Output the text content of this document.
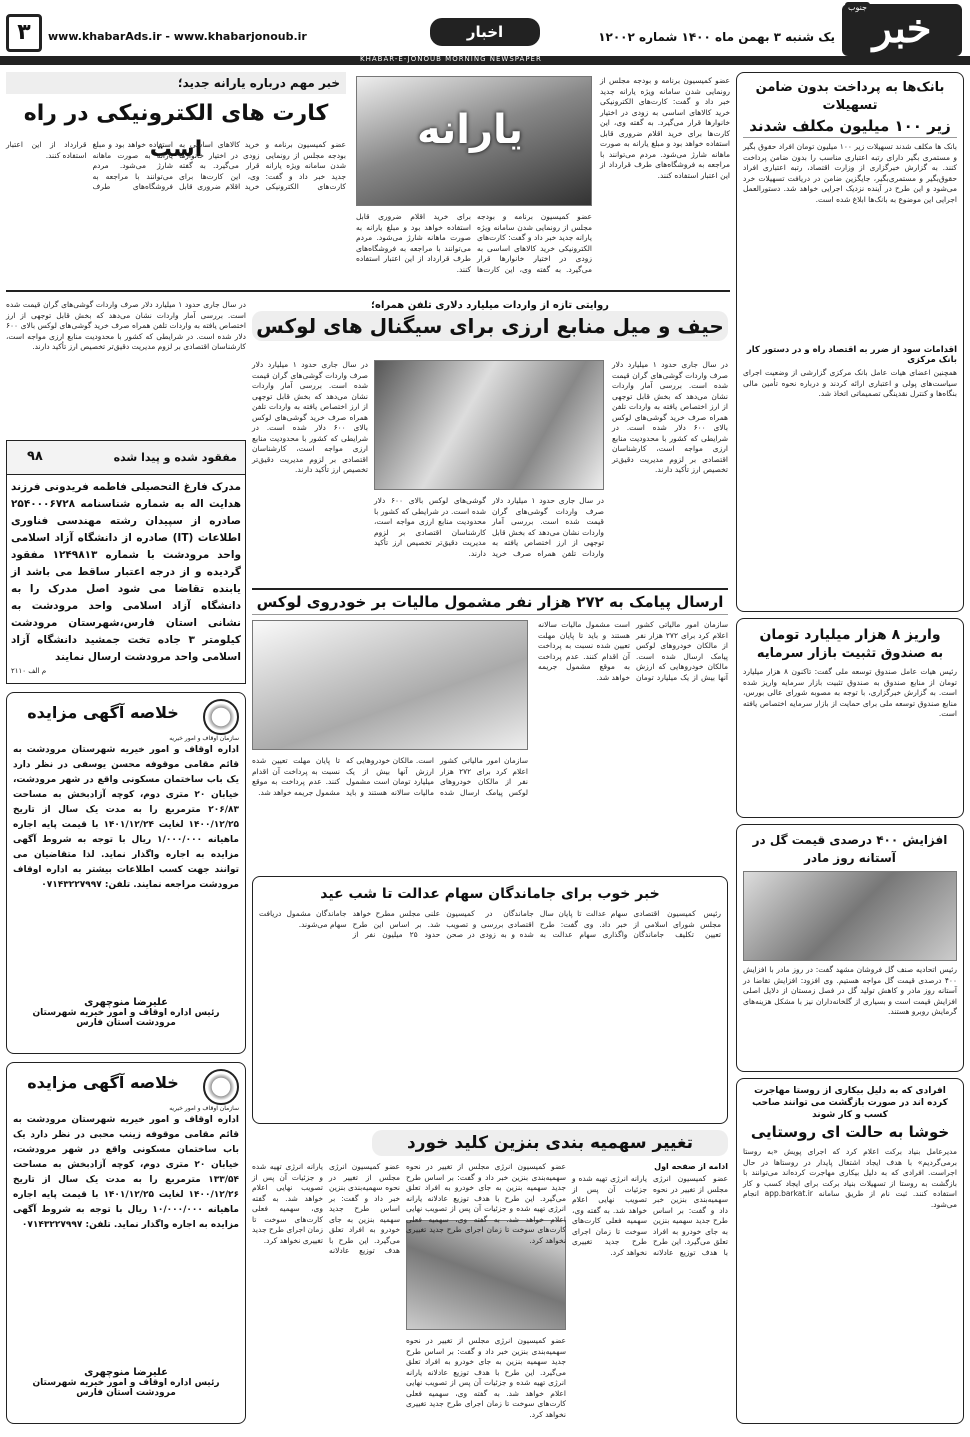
خبر
جنوب
یک شنبه ۳ بهمن ماه ۱۴۰۰ شماره ۱۲۰۰۲
اخبار
www.khabarAds.ir - www.khabarjonoub.ir
۳
KHABAR-E-JONOUB MORNING NEWSPAPER
بانک‌ها به پرداخت بدون ضامن تسهیلات
زیر ۱۰۰ میلیون مکلف شدند
بانک ها مکلف شدند تسهیلات زیر ۱۰۰ میلیون تومان افراد حقوق بگیر و مستمری بگیر دارای رتبه اعتباری مناسب را بدون ضامن پرداخت کنند. به گزارش خبرگزاری از وزارت اقتصاد، رتبه اعتباری افراد حقوق‌بگیر و مستمری‌بگیر، جایگزین ضامن در دریافت تسهیلات خرد می‌شود و این طرح در آینده نزدیک اجرایی خواهد شد. دستورالعمل اجرایی این موضوع به بانک‌ها ابلاغ شده است.
اقدامات سود از ضرر به اقتصاد راه و در دستور کار بانک مرکزی
همچنین اعضای هیات عامل بانک مرکزی گزارشی از وضعیت اجرای سیاست‌های پولی و اعتباری ارائه کردند و درباره نحوه تأمین مالی بنگاه‌ها و کنترل نقدینگی تصمیماتی اتخاذ شد.
واریز ۸ هزار میلیارد تومان
به صندوق تثبیت بازار سرمایه
رئیس هیات عامل صندوق توسعه ملی گفت: تاکنون ۸ هزار میلیارد تومان از منابع صندوق به صندوق تثبیت بازار سرمایه واریز شده است. به گزارش خبرگزاری، با توجه به مصوبه شورای عالی بورس، منابع صندوق توسعه ملی برای حمایت از بازار سرمایه اختصاص یافته است.
افزایش ۴۰۰ درصدی قیمت گل در آستانه روز مادر
رئیس اتحادیه صنف گل فروشان مشهد گفت: در روز مادر با افزایش ۴۰۰ درصدی قیمت گل مواجه هستیم. وی افزود: افزایش تقاضا در آستانه روز مادر و کاهش تولید گل در فصل زمستان از دلایل اصلی افزایش قیمت است و بسیاری از گلخانه‌داران نیز با مشکل هزینه‌های گرمایش روبرو هستند.
افرادی که به دلیل بیکاری از روستا مهاجرت کرده اند در صورت بازگشت می توانند صاحب کسب و کار شوند
خوشا به حالت ای روستایی
مدیرعامل بنیاد برکت اعلام کرد که اجرای پویش «به روستا برمی‌گردیم» با هدف ایجاد اشتغال پایدار در روستاها در حال اجراست. افرادی که به دلیل بیکاری مهاجرت کرده‌اند می‌توانند با بازگشت به روستا از تسهیلات بنیاد برکت برای ایجاد کسب و کار استفاده کنند. ثبت نام از طریق سامانه app.barkat.ir انجام می‌شود.
عضو کمیسیون برنامه و بودجه مجلس از رونمایی شدن سامانه ویژه یارانه جدید خبر داد و گفت: کارت‌های الکترونیکی خرید کالاهای اساسی به زودی در اختیار خانوارها قرار می‌گیرد. به گفته وی، این کارت‌ها برای خرید اقلام ضروری قابل استفاده خواهد بود و مبلغ یارانه به صورت ماهانه شارژ می‌شود. مردم می‌توانند با مراجعه به فروشگاه‌های طرف قرارداد از این اعتبار استفاده کنند.
یارانه
خبر مهم درباره یارانه جدید؛
کارت های الکترونیکی در راه است	عضو کمیسیون برنامه و بودجه مجلس از رونمایی شدن سامانه ویژه یارانه جدید خبر داد و گفت: کارت‌های الکترونیکی خرید کالاهای اساسی به زودی در اختیار خانوارها قرار می‌گیرد. به گفته وی، این کارت‌ها برای خرید اقلام ضروری قابل استفاده خواهد بود و مبلغ یارانه به صورت ماهانه شارژ می‌شود. مردم می‌توانند با مراجعه به فروشگاه‌های طرف قرارداد از این اعتبار استفاده کنند.
عضو کمیسیون برنامه و بودجه مجلس از رونمایی شدن سامانه ویژه یارانه جدید خبر داد و گفت: کارت‌های الکترونیکی خرید کالاهای اساسی به زودی در اختیار خانوارها قرار می‌گیرد. به گفته وی، این کارت‌ها برای خرید اقلام ضروری قابل استفاده خواهد بود و مبلغ یارانه به صورت ماهانه شارژ می‌شود. مردم می‌توانند با مراجعه به فروشگاه‌های طرف قرارداد از این اعتبار استفاده کنند.
مفقود شده و پیدا شده
۹۸
مدرک فارغ التحصیلی فاطمه فریدونی فرزند هدایت اله به شماره شناسنامه ۲۵۴۰۰۰۶۷۲۸ صادره از سپیدان رشته مهندسی فناوری اطلاعات (IT) صادره از دانشگاه آزاد اسلامی واحد مرودشت با شماره ۱۲۴۹۸۱۳ مفقود گردیده و از درجه اعتبار ساقط می باشد از یابنده تقاضا می شود اصل مدرک را به دانشگاه آزاد اسلامی واحد مرودشت به نشانی استان فارس،شهرستان مرودشت کیلومتر ۳ جاده تخت جمشید دانشگاه آزاد اسلامی واحد مرودشت ارسال نمایند
م الف ۲۱۱۰
روایتی تازه از واردات میلیارد دلاری تلفن همراه؛
حیف و میل منابع ارزی برای سیگنال های لوکس
در سال جاری حدود ۱ میلیارد دلار صرف واردات گوشی‌های گران قیمت شده است. بررسی آمار واردات نشان می‌دهد که بخش قابل توجهی از ارز اختصاص یافته به واردات تلفن همراه صرف خرید گوشی‌های لوکس بالای ۶۰۰ دلار شده است. در شرایطی که کشور با محدودیت منابع ارزی مواجه است، کارشناسان اقتصادی بر لزوم مدیریت دقیق‌تر تخصیص ارز تأکید دارند.
در سال جاری حدود ۱ میلیارد دلار صرف واردات گوشی‌های گران قیمت شده است. بررسی آمار واردات نشان می‌دهد که بخش قابل توجهی از ارز اختصاص یافته به واردات تلفن همراه صرف خرید گوشی‌های لوکس بالای ۶۰۰ دلار شده است. در شرایطی که کشور با محدودیت منابع ارزی مواجه است، کارشناسان اقتصادی بر لزوم مدیریت دقیق‌تر تخصیص ارز تأکید دارند.
در سال جاری حدود ۱ میلیارد دلار صرف واردات گوشی‌های گران قیمت شده است. بررسی آمار واردات نشان می‌دهد که بخش قابل توجهی از ارز اختصاص یافته به واردات تلفن همراه صرف خرید گوشی‌های لوکس بالای ۶۰۰ دلار شده است. در شرایطی که کشور با محدودیت منابع ارزی مواجه است، کارشناسان اقتصادی بر لزوم مدیریت دقیق‌تر تخصیص ارز تأکید دارند.
در سال جاری حدود ۱ میلیارد دلار صرف واردات گوشی‌های گران قیمت شده است. بررسی آمار واردات نشان می‌دهد که بخش قابل توجهی از ارز اختصاص یافته به واردات تلفن همراه صرف خرید گوشی‌های لوکس بالای ۶۰۰ دلار شده است. در شرایطی که کشور با محدودیت منابع ارزی مواجه است، کارشناسان اقتصادی بر لزوم مدیریت دقیق‌تر تخصیص ارز تأکید دارند.
ارسال پیامک به ۲۷۲ هزار نفر مشمول مالیات بر خودروی لوکس
سازمان امور مالیاتی کشور اعلام کرد برای ۲۷۲ هزار نفر از مالکان خودروهای لوکس پیامک ارسال شده است. مالکان خودروهایی که ارزش آنها بیش از یک میلیارد تومان است مشمول مالیات سالانه هستند و باید تا پایان مهلت تعیین شده نسبت به پرداخت آن اقدام کنند. عدم پرداخت به موقع مشمول جریمه خواهد شد.
سازمان امور مالیاتی کشور اعلام کرد برای ۲۷۲ هزار نفر از مالکان خودروهای لوکس پیامک ارسال شده است. مالکان خودروهایی که ارزش آنها بیش از یک میلیارد تومان است مشمول مالیات سالانه هستند و باید تا پایان مهلت تعیین شده نسبت به پرداخت آن اقدام کنند. عدم پرداخت به موقع مشمول جریمه خواهد شد.
خبر خوب برای جاماندگان سهام عدالت تا شب عید
رئیس کمیسیون اقتصادی مجلس شورای اسلامی از تعیین تکلیف جاماندگان سهام عدالت تا پایان سال خبر داد. وی گفت: طرح واگذاری سهام عدالت به جاماندگان در کمیسیون اقتصادی بررسی و تصویب شده و به زودی در صحن علنی مجلس مطرح خواهد شد. بر اساس این طرح حدود ۲۵ میلیون نفر از جاماندگان مشمول دریافت سهام می‌شوند.
تغییر سهمیه بندی بنزین کلید خورد
ادامه از صفحه اول
عضو کمیسیون انرژی مجلس از تغییر در نحوه سهمیه‌بندی بنزین خبر داد و گفت: بر اساس طرح جدید سهمیه بنزین به جای خودرو به افراد تعلق می‌گیرد. این طرح با هدف توزیع عادلانه یارانه انرژی تهیه شده و جزئیات آن پس از تصویب نهایی اعلام خواهد شد. به گفته وی، سهمیه فعلی کارت‌های سوخت تا زمان اجرای طرح جدید تغییری نخواهد کرد.
عضو کمیسیون انرژی مجلس از تغییر در نحوه سهمیه‌بندی بنزین خبر داد و گفت: بر اساس طرح جدید سهمیه بنزین به جای خودرو به افراد تعلق می‌گیرد. این طرح با هدف توزیع عادلانه یارانه انرژی تهیه شده و جزئیات آن پس از تصویب نهایی اعلام خواهد شد. به گفته وی، سهمیه فعلی کارت‌های سوخت تا زمان اجرای طرح جدید تغییری نخواهد کرد.
عضو کمیسیون انرژی مجلس از تغییر در نحوه سهمیه‌بندی بنزین خبر داد و گفت: بر اساس طرح جدید سهمیه بنزین به جای خودرو به افراد تعلق می‌گیرد. این طرح با هدف توزیع عادلانه یارانه انرژی تهیه شده و جزئیات آن پس از تصویب نهایی اعلام خواهد شد. به گفته وی، سهمیه فعلی کارت‌های سوخت تا زمان اجرای طرح جدید تغییری نخواهد کرد.
عضو کمیسیون انرژی مجلس از تغییر در نحوه سهمیه‌بندی بنزین خبر داد و گفت: بر اساس طرح جدید سهمیه بنزین به جای خودرو به افراد تعلق می‌گیرد. این طرح با هدف توزیع عادلانه یارانه انرژی تهیه شده و جزئیات آن پس از تصویب نهایی اعلام خواهد شد. به گفته وی، سهمیه فعلی کارت‌های سوخت تا زمان اجرای طرح جدید تغییری نخواهد کرد.
سازمان اوقاف و امور خیریه
خلاصه آگهی مزایده
اداره اوقاف و امور خیریه شهرستان مرودشت به قائم مقامی موقوفه محسن یوسفی در نظر دارد یک باب ساختمان مسکونی واقع در شهر مرودشت، خیابان ۲۰ متری دوم، کوچه آزادبخش به مساحت ۲۰۶/۸۳ مترمربع را به مدت یک سال از تاریخ ۱۴۰۰/۱۲/۲۵ لغایت ۱۴۰۱/۱۲/۲۴ با قیمت پایه اجاره ماهیانه ۱/۰۰۰/۰۰۰ ریال با توجه به شروط آگهی مزایده به اجاره واگذار نماید. لذا متقاضیان می توانند جهت کسب اطلاعات بیشتر به اداره اوقاف مرودشت مراجعه نمایند. تلفن: ۰۷۱۴۳۲۲۷۹۹۷
علیرضا منوچهری
رئیس اداره اوقاف و امور خیریه شهرستان مرودشت استان فارس
سازمان اوقاف و امور خیریه
خلاصه آگهی مزایده
اداره اوقاف و امور خیریه شهرستان مرودشت به قائم مقامی موقوفه زینب محبی در نظر دارد یک باب ساختمان مسکونی واقع در شهر مرودشت، خیابان ۲۰ متری دوم، کوچه آزادبخش به مساحت ۱۳۳/۵۴ مترمربع را به مدت یک سال از تاریخ ۱۴۰۰/۱۲/۲۶ لغایت ۱۴۰۱/۱۲/۲۵ با قیمت پایه اجاره ماهیانه ۱۰/۰۰۰/۰۰۰ ریال با توجه به شروط آگهی مزایده به اجاره واگذار نماید. تلفن: ۰۷۱۴۳۲۲۷۹۹۷
علیرضا منوچهری
رئیس اداره اوقاف و امور خیریه شهرستان مرودشت استان فارس
